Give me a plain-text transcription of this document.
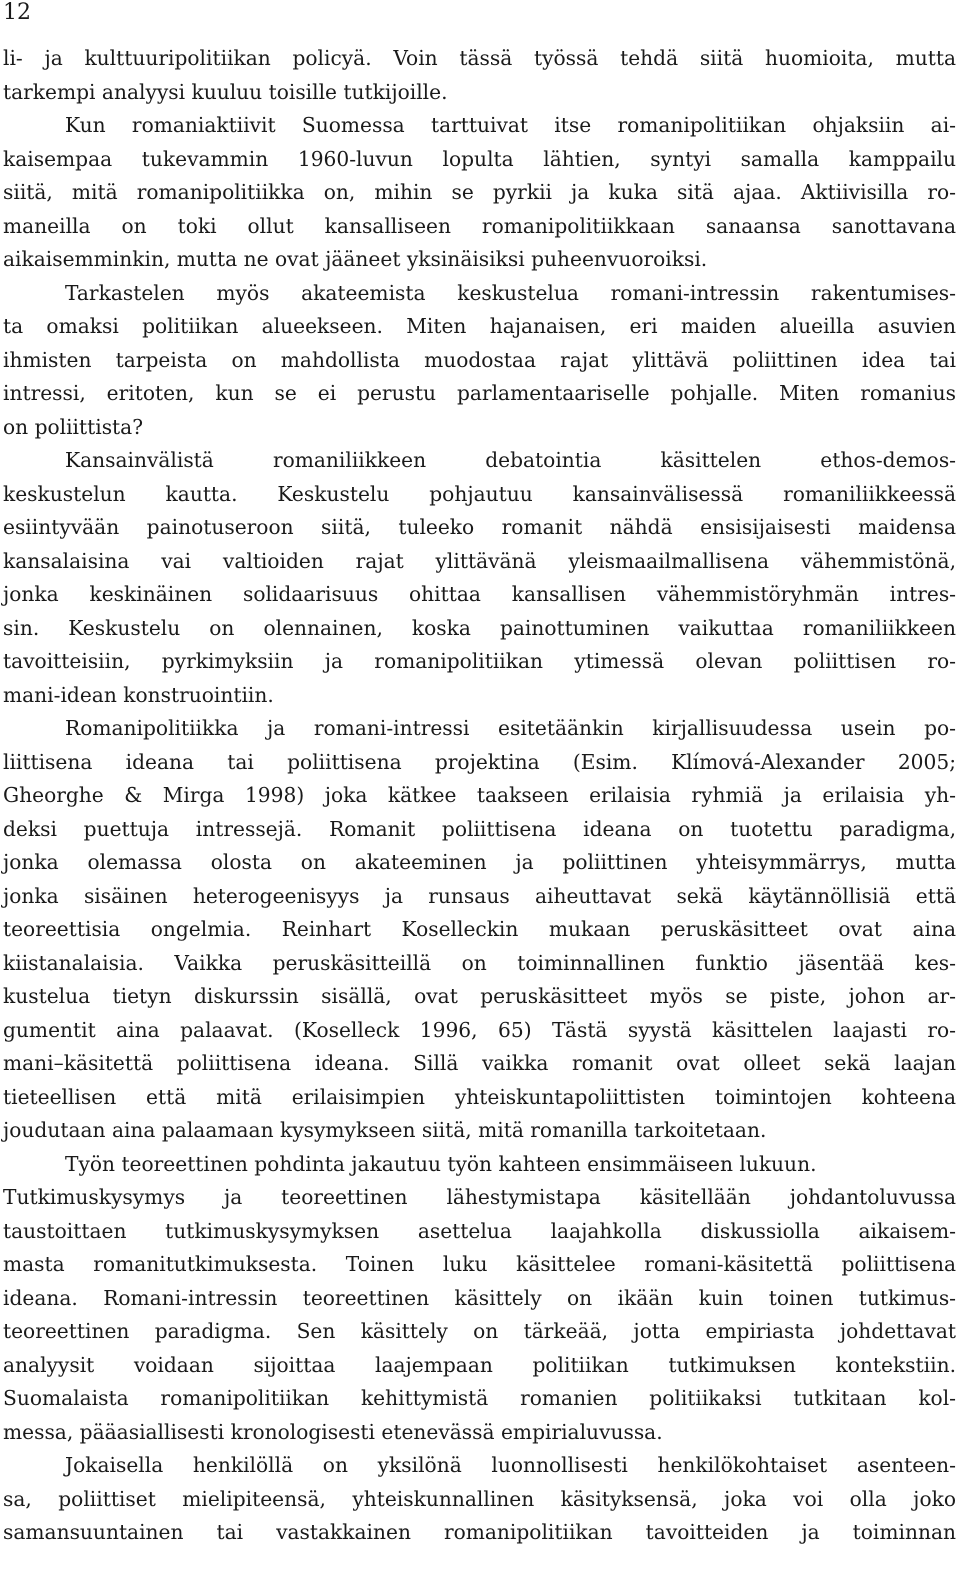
12
li- ja kulttuuripolitiikan policyä. Voin tässä työssä tehdä siitä huomioita, mutta
tarkempi analyysi kuuluu toisille tutkijoille.
Kun romaniaktiivit Suomessa tarttuivat itse romanipolitiikan ohjaksiin ai-
kaisempaa tukevammin 1960-luvun lopulta lähtien, syntyi samalla kamppailu
siitä, mitä romanipolitiikka on, mihin se pyrkii ja kuka sitä ajaa. Aktiivisilla ro-
maneilla on toki ollut kansalliseen romanipolitiikkaan sanaansa sanottavana
aikaisemminkin, mutta ne ovat jääneet yksinäisiksi puheenvuoroiksi.
Tarkastelen myös akateemista keskustelua romani-intressin rakentumises-
ta omaksi politiikan alueekseen. Miten hajanaisen, eri maiden alueilla asuvien
ihmisten tarpeista on mahdollista muodostaa rajat ylittävä poliittinen idea tai
intressi, eritoten, kun se ei perustu parlamentaariselle pohjalle. Miten romanius
on poliittista?
Kansainvälistä romaniliikkeen debatointia käsittelen ethos-demos-
keskustelun kautta. Keskustelu pohjautuu kansainvälisessä romaniliikkeessä
esiintyvään painotuseroon siitä, tuleeko romanit nähdä ensisijaisesti maidensa
kansalaisina vai valtioiden rajat ylittävänä yleismaailmallisena vähemmistönä,
jonka keskinäinen solidaarisuus ohittaa kansallisen vähemmistöryhmän intres-
sin. Keskustelu on olennainen, koska painottuminen vaikuttaa romaniliikkeen
tavoitteisiin, pyrkimyksiin ja romanipolitiikan ytimessä olevan poliittisen ro-
mani-idean konstruointiin.
Romanipolitiikka ja romani-intressi esitetäänkin kirjallisuudessa usein po-
liittisena ideana tai poliittisena projektina (Esim. Klímová-Alexander 2005;
Gheorghe & Mirga 1998) joka kätkee taakseen erilaisia ryhmiä ja erilaisia yh-
deksi puettuja intressejä. Romanit poliittisena ideana on tuotettu paradigma,
jonka olemassa olosta on akateeminen ja poliittinen yhteisymmärrys, mutta
jonka sisäinen heterogeenisyys ja runsaus aiheuttavat sekä käytännöllisiä että
teoreettisia ongelmia. Reinhart Koselleckin mukaan peruskäsitteet ovat aina
kiistanalaisia. Vaikka peruskäsitteillä on toiminnallinen funktio jäsentää kes-
kustelua tietyn diskurssin sisällä, ovat peruskäsitteet myös se piste, johon ar-
gumentit aina palaavat. (Koselleck 1996, 65) Tästä syystä käsittelen laajasti ro-
mani–käsitettä poliittisena ideana. Sillä vaikka romanit ovat olleet sekä laajan
tieteellisen että mitä erilaisimpien yhteiskuntapoliittisten toimintojen kohteena
joudutaan aina palaamaan kysymykseen siitä, mitä romanilla tarkoitetaan.
Työn teoreettinen pohdinta jakautuu työn kahteen ensimmäiseen lukuun.
Tutkimuskysymys ja teoreettinen lähestymistapa käsitellään johdantoluvussa
taustoittaen tutkimuskysymyksen asettelua laajahkolla diskussiolla aikaisem-
masta romanitutkimuksesta. Toinen luku käsittelee romani-käsitettä poliittisena
ideana. Romani-intressin teoreettinen käsittely on ikään kuin toinen tutkimus-
teoreettinen paradigma. Sen käsittely on tärkeää, jotta empiriasta johdettavat
analyysit voidaan sijoittaa laajempaan politiikan tutkimuksen kontekstiin.
Suomalaista romanipolitiikan kehittymistä romanien politiikaksi tutkitaan kol-
messa, pääasiallisesti kronologisesti etenevässä empirialuvussa.
Jokaisella henkilöllä on yksilönä luonnollisesti henkilökohtaiset asenteen-
sa, poliittiset mielipiteensä, yhteiskunnallinen käsityksensä, joka voi olla joko
samansuuntainen tai vastakkainen romanipolitiikan tavoitteiden ja toiminnan
